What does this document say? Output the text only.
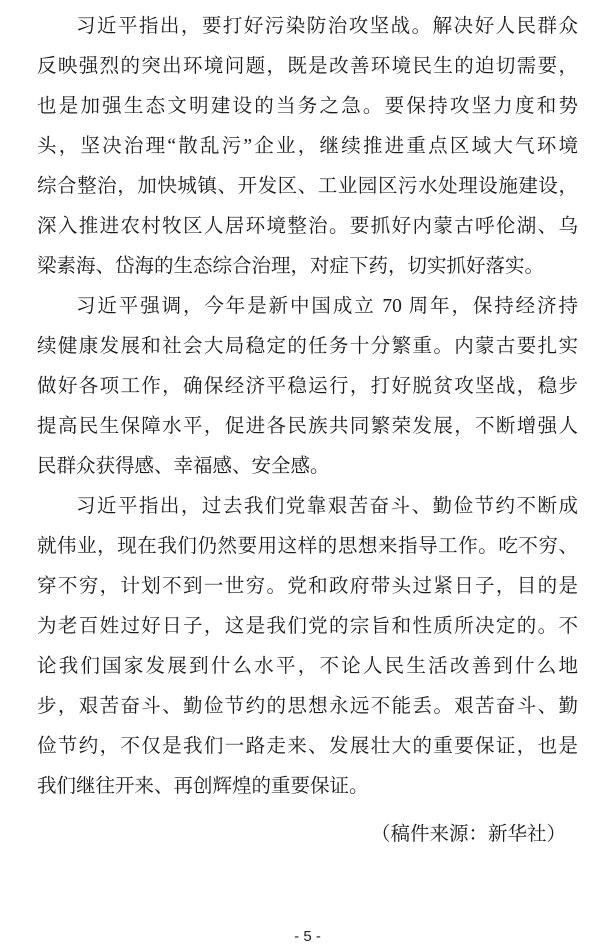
习近平指出，要打好污染防治攻坚战。解决好人民群众
反映强烈的突出环境问题，既是改善环境民生的迫切需要，
也是加强生态文明建设的当务之急。要保持攻坚力度和势
头，坚决治理“散乱污”企业，继续推进重点区域大气环境
综合整治，加快城镇、开发区、工业园区污水处理设施建设，
深入推进农村牧区人居环境整治。要抓好内蒙古呼伦湖、乌
梁素海、岱海的生态综合治理，对症下药，切实抓好落实。
习近平强调，今年是新中国成立 70 周年，保持经济持
续健康发展和社会大局稳定的任务十分繁重。内蒙古要扎实
做好各项工作，确保经济平稳运行，打好脱贫攻坚战，稳步
提高民生保障水平，促进各民族共同繁荣发展，不断增强人
民群众获得感、幸福感、安全感。
习近平指出，过去我们党靠艰苦奋斗、勤俭节约不断成
就伟业，现在我们仍然要用这样的思想来指导工作。吃不穷、
穿不穷，计划不到一世穷。党和政府带头过紧日子，目的是
为老百姓过好日子，这是我们党的宗旨和性质所决定的。不
论我们国家发展到什么水平，不论人民生活改善到什么地
步，艰苦奋斗、勤俭节约的思想永远不能丢。艰苦奋斗、勤
俭节约，不仅是我们一路走来、发展壮大的重要保证，也是
我们继往开来、再创辉煌的重要保证。
（稿件来源：新华社）
- 5 -
